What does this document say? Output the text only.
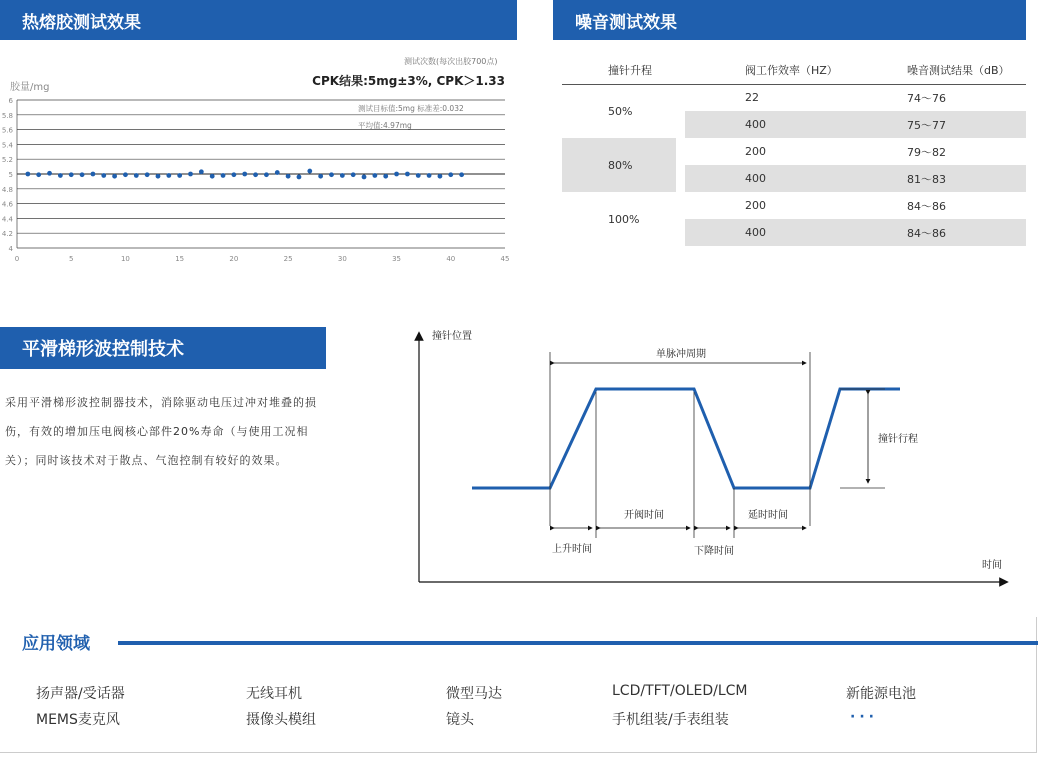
热熔胶测试效果
测试次数(每次出胶700点)
CPK结果:5mg±3%, CPK＞1.33
胶量/mg
测试目标值:5mg 标准差:0.032
平均值:4.97mg
6
5.8
5.6
5.4
5.2
5
4.8
4.6
4.4
4.2
4
0	5	10	15	20	25	30	35	40	45
噪音测试效果
撞针升程		阀工作效率（HZ）	噪音测试结果（dB）
50%		22	74～76
		400	75～77
80%		200	79～82
		400	81～83
100%		200	84～86
		400	84～86
平滑梯形波控制技术
采用平滑梯形波控制器技术，消除驱动电压过冲对堆叠的损伤，有效的增加压电阀核心部件20%寿命（与使用工况相关）；同时该技术对于散点、气泡控制有较好的效果。
撞针位置
时间
单脉冲周期
撞针行程
上升时间
开阀时间
下降时间
延时时间
应用领域
扬声器/受话器
MEMS麦克风
无线耳机
摄像头模组
微型马达
镜头
LCD/TFT/OLED/LCM
手机组装/手表组装
新能源电池
···
